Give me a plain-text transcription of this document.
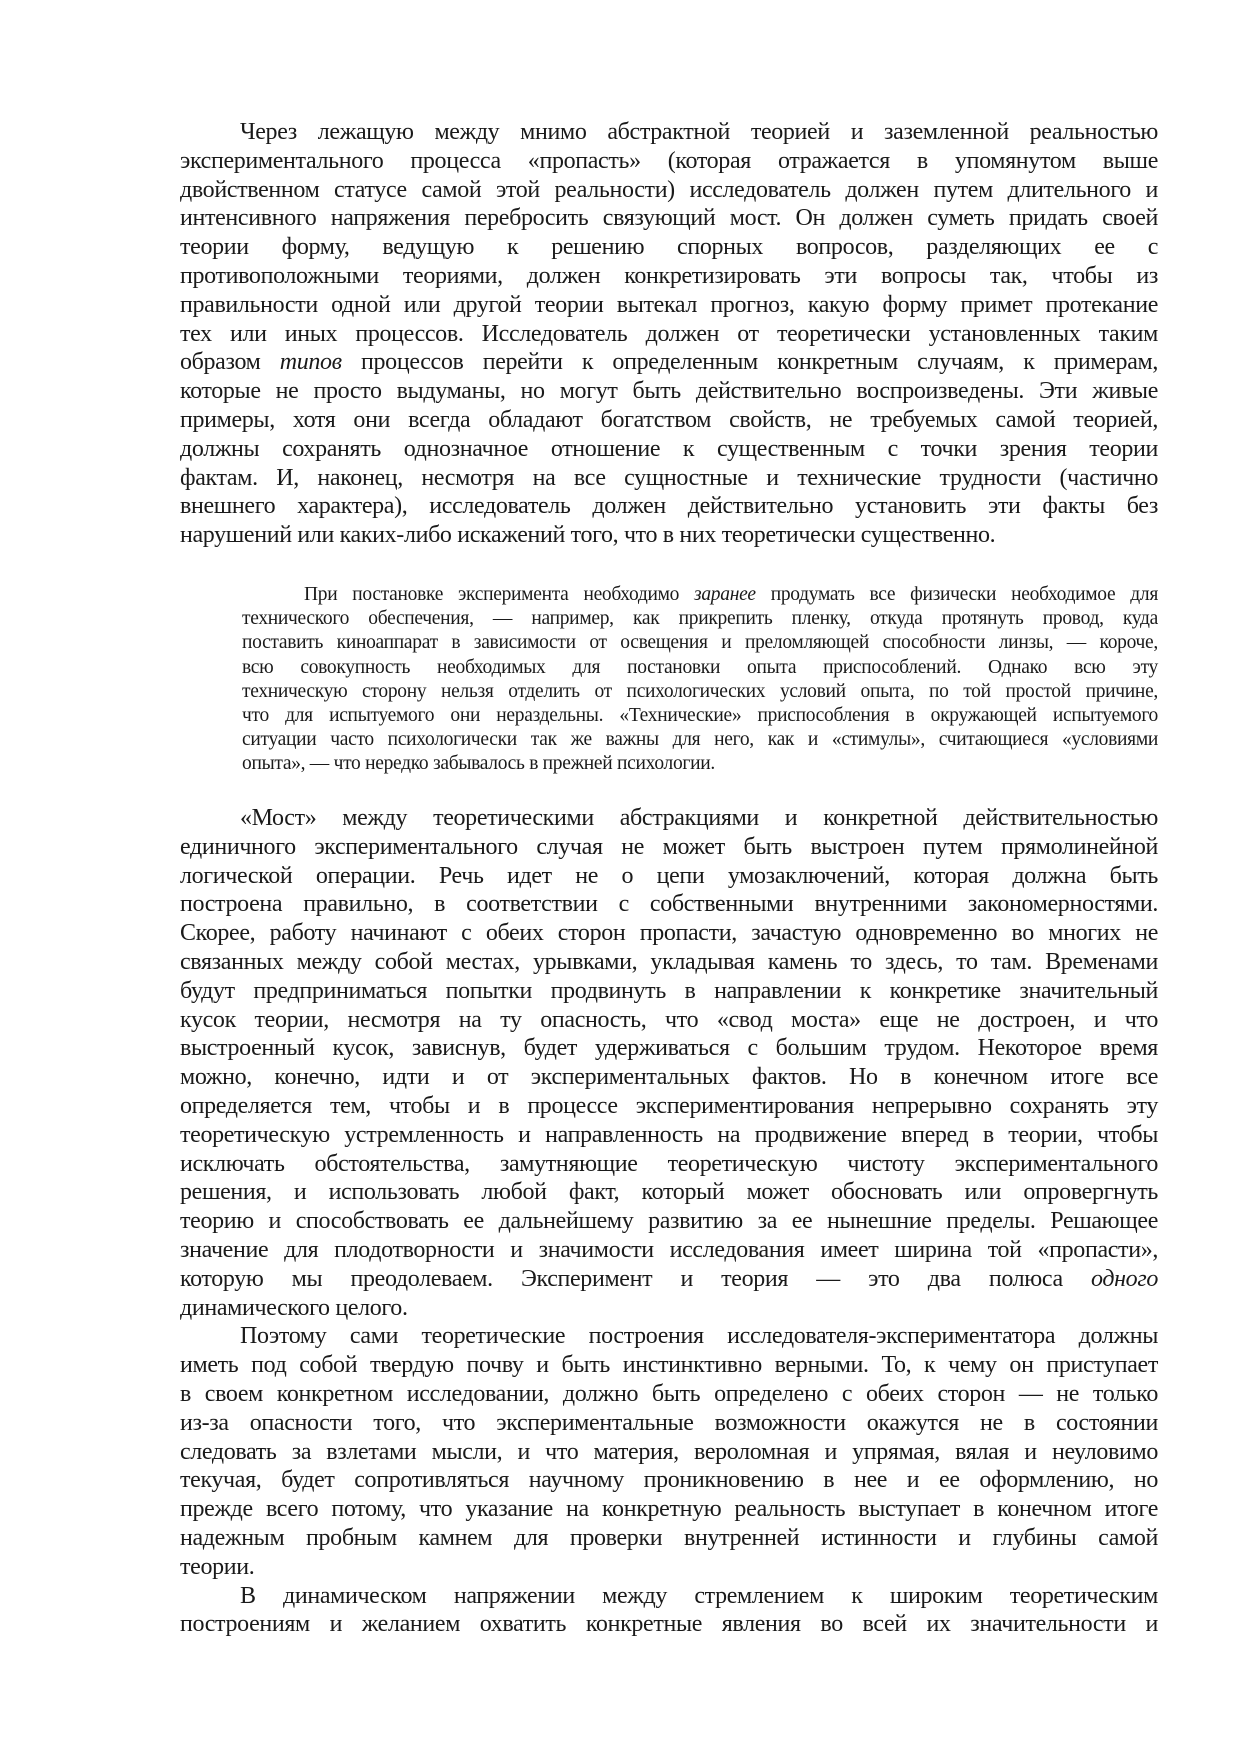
Через лежащую между мнимо абстрактной теорией и заземленной реальностью
экспериментального процесса «пропасть» (которая отражается в упомянутом выше
двойственном статусе самой этой реальности) исследователь должен путем длительного и
интенсивного напряжения перебросить связующий мост. Он должен суметь придать своей
теории форму, ведущую к решению спорных вопросов, разделяющих ее с
противоположными теориями, должен конкретизировать эти вопросы так, чтобы из
правильности одной или другой теории вытекал прогноз, какую форму примет протекание
тех или иных процессов. Исследователь должен от теоретически установленных таким
образом типов процессов перейти к определенным конкретным случаям, к примерам,
которые не просто выдуманы, но могут быть действительно воспроизведены. Эти живые
примеры, хотя они всегда обладают богатством свойств, не требуемых самой теорией,
должны сохранять однозначное отношение к существенным с точки зрения теории
фактам. И, наконец, несмотря на все сущностные и технические трудности (частично
внешнего характера), исследователь должен действительно установить эти факты без
нарушений или каких-либо искажений того, что в них теоретически существенно.
При постановке эксперимента необходимо заранее продумать все физически необходимое для
технического обеспечения, — например, как прикрепить пленку, откуда протянуть провод, куда
поставить киноаппарат в зависимости от освещения и преломляющей способности линзы, — короче,
всю совокупность необходимых для постановки опыта приспособлений. Однако всю эту
техническую сторону нельзя отделить от психологических условий опыта, по той простой причине,
что для испытуемого они нераздельны. «Технические» приспособления в окружающей испытуемого
ситуации часто психологически так же важны для него, как и «стимулы», считающиеся «условиями
опыта», — что нередко забывалось в прежней психологии.
«Мост» между теоретическими абстракциями и конкретной действительностью
единичного экспериментального случая не может быть выстроен путем прямолинейной
логической операции. Речь идет не о цепи умозаключений, которая должна быть
построена правильно, в соответствии с собственными внутренними закономерностями.
Скорее, работу начинают с обеих сторон пропасти, зачастую одновременно во многих не
связанных между собой местах, урывками, укладывая камень то здесь, то там. Временами
будут предприниматься попытки продвинуть в направлении к конкретике значительный
кусок теории, несмотря на ту опасность, что «свод моста» еще не достроен, и что
выстроенный кусок, зависнув, будет удерживаться с большим трудом. Некоторое время
можно, конечно, идти и от экспериментальных фактов. Но в конечном итоге все
определяется тем, чтобы и в процессе экспериментирования непрерывно сохранять эту
теоретическую устремленность и направленность на продвижение вперед в теории, чтобы
исключать обстоятельства, замутняющие теоретическую чистоту экспериментального
решения, и использовать любой факт, который может обосновать или опровергнуть
теорию и способствовать ее дальнейшему развитию за ее нынешние пределы. Решающее
значение для плодотворности и значимости исследования имеет ширина той «пропасти»,
которую мы преодолеваем. Эксперимент и теория — это два полюса одного
динамического целого.
Поэтому сами теоретические построения исследователя-экспериментатора должны
иметь под собой твердую почву и быть инстинктивно верными. То, к чему он приступает
в своем конкретном исследовании, должно быть определено с обеих сторон — не только
из-за опасности того, что экспериментальные возможности окажутся не в состоянии
следовать за взлетами мысли, и что материя, вероломная и упрямая, вялая и неуловимо
текучая, будет сопротивляться научному проникновению в нее и ее оформлению, но
прежде всего потому, что указание на конкретную реальность выступает в конечном итоге
надежным пробным камнем для проверки внутренней истинности и глубины самой
теории.
В динамическом напряжении между стремлением к широким теоретическим
построениям и желанием охватить конкретные явления во всей их значительности и
